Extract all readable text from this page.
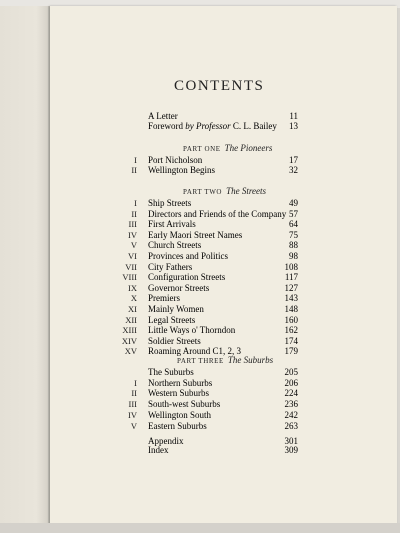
CONTENTS
A Letter	11
Foreword by Professor C. L. Bailey	13
PART ONE The Pioneers
I Port Nicholson	17
II Wellington Begins	32
PART TWO The Streets
I Ship Streets	49
II Directors and Friends of the Company 57
III First Arrivals	64
IV Early Maori Street Names	75
V Church Streets	88
VI Provinces and Politics	98
VII City Fathers	108
VIII Configuration Streets	117
IX Governor Streets	127
X Premiers	143
XI Mainly Women	148
XII Legal Streets	160
XIII Little Ways o' Thorndon	162
XIV Soldier Streets	174
XV Roaming Around C1, 2, 3	179
PART THREE The Suburbs
The Suburbs	205
I Northern Suburbs	206
II Western Suburbs	224
III South-west Suburbs	236
IV Wellington South	242
V Eastern Suburbs	263
Appendix	301
Index	309
